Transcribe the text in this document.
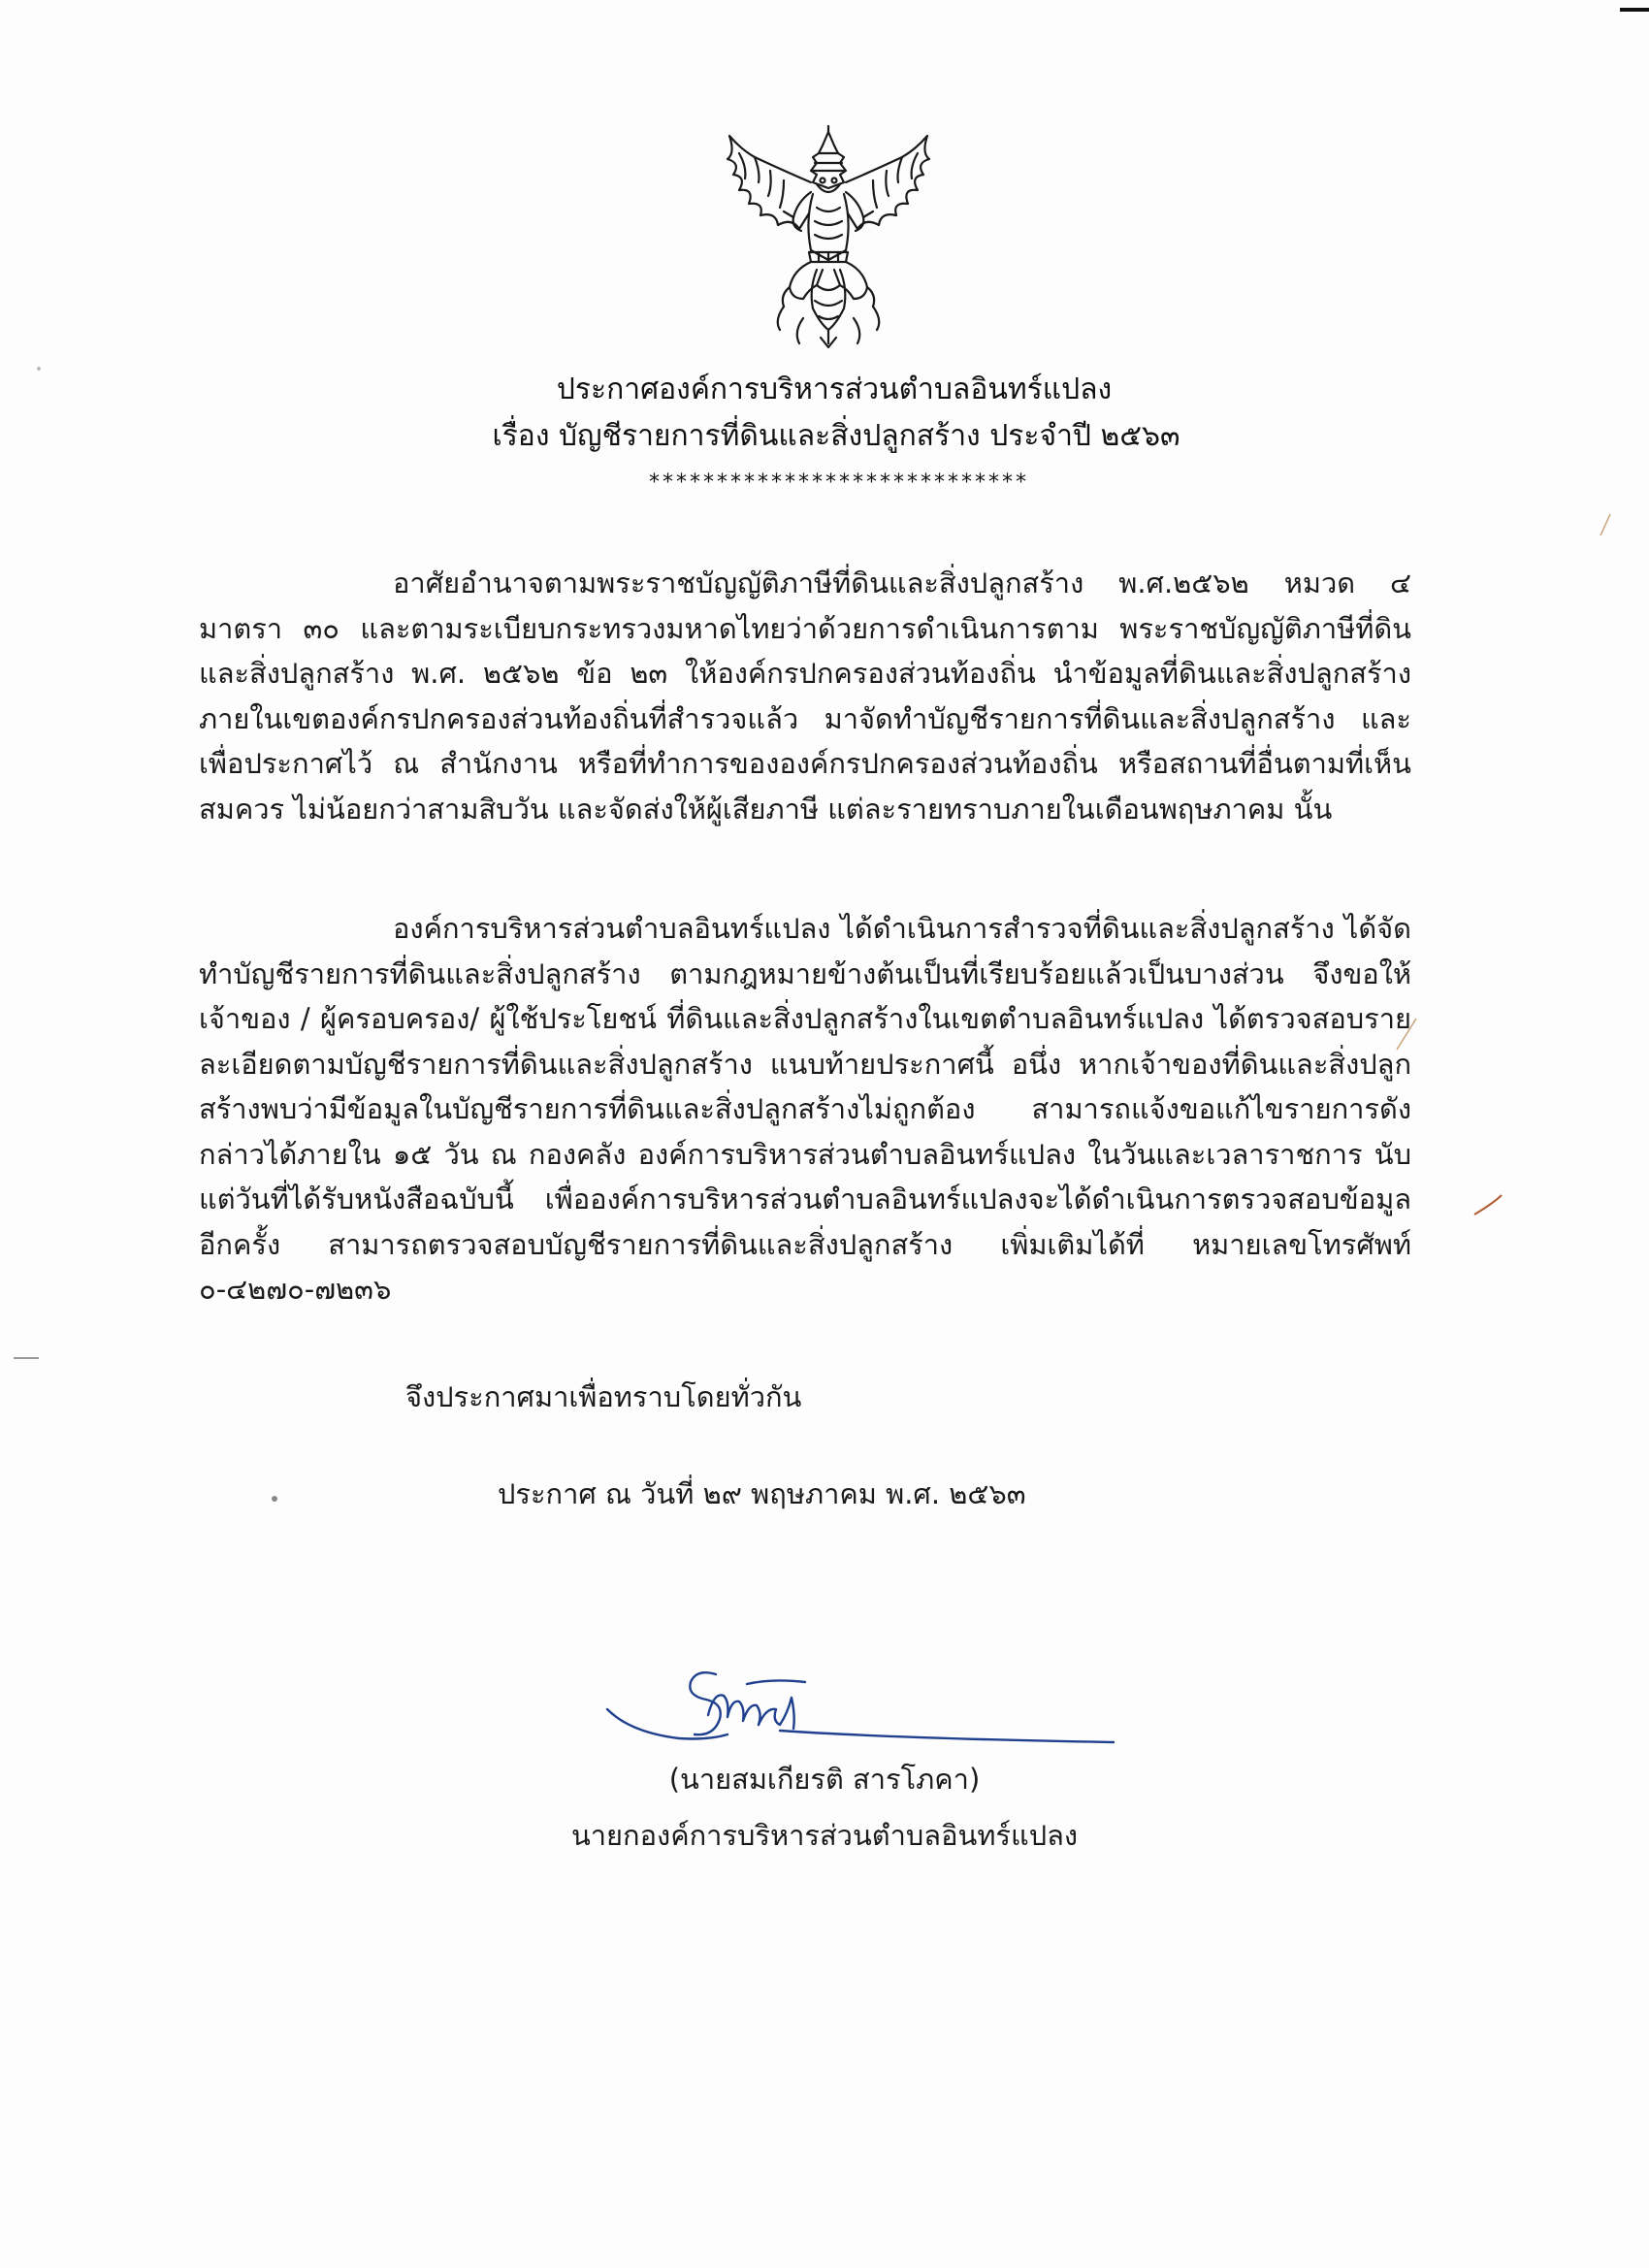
ประกาศองค์การบริหารส่วนตำบลอินทร์แปลง
เรื่อง บัญชีรายการที่ดินและสิ่งปลูกสร้าง ประจำปี ๒๕๖๓
****************************
อาศัยอำนาจตามพระราชบัญญัติภาษีที่ดินและสิ่งปลูกสร้าง พ.ศ.๒๕๖๒ หมวด ๔ มาตรา ๓๐ และตามระเบียบกระทรวงมหาดไทยว่าด้วยการดำเนินการตาม พระราชบัญญัติภาษีที่ดินและสิ่งปลูกสร้าง พ.ศ. ๒๕๖๒ ข้อ ๒๓ ให้องค์กรปกครองส่วนท้องถิ่น นำข้อมูลที่ดินและสิ่งปลูกสร้างภายในเขตองค์กรปกครองส่วนท้องถิ่นที่สำรวจแล้ว มาจัดทำบัญชีรายการที่ดินและสิ่งปลูกสร้าง และเพื่อประกาศไว้ ณ สำนักงาน หรือที่ทำการขององค์กรปกครองส่วนท้องถิ่น หรือสถานที่อื่นตามที่เห็นสมควร ไม่น้อยกว่าสามสิบวัน และจัดส่งให้ผู้เสียภาษี แต่ละรายทราบภายในเดือนพฤษภาคม นั้น
องค์การบริหารส่วนตำบลอินทร์แปลง ได้ดำเนินการสำรวจที่ดินและสิ่งปลูกสร้าง ได้จัดทำบัญชีรายการที่ดินและสิ่งปลูกสร้าง ตามกฎหมายข้างต้นเป็นที่เรียบร้อยแล้วเป็นบางส่วน จึงขอให้ เจ้าของ / ผู้ครอบครอง/ ผู้ใช้ประโยชน์ ที่ดินและสิ่งปลูกสร้างในเขตตำบลอินทร์แปลง ได้ตรวจสอบรายละเอียดตามบัญชีรายการที่ดินและสิ่งปลูกสร้าง แนบท้ายประกาศนี้ อนึ่ง หากเจ้าของที่ดินและสิ่งปลูกสร้างพบว่ามีข้อมูลในบัญชีรายการที่ดินและสิ่งปลูกสร้างไม่ถูกต้อง สามารถแจ้งขอแก้ไขรายการดังกล่าวได้ภายใน ๑๕ วัน ณ กองคลัง องค์การบริหารส่วนตำบลอินทร์แปลง ในวันและเวลาราชการ นับแต่วันที่ได้รับหนังสือฉบับนี้ เพื่อองค์การบริหารส่วนตำบลอินทร์แปลงจะได้ดำเนินการตรวจสอบข้อมูลอีกครั้ง สามารถตรวจสอบบัญชีรายการที่ดินและสิ่งปลูกสร้าง เพิ่มเติมได้ที่ หมายเลขโทรศัพท์ ๐-๔๒๗๐-๗๒๓๖
จึงประกาศมาเพื่อทราบโดยทั่วกัน
ประกาศ ณ วันที่ ๒๙ พฤษภาคม พ.ศ. ๒๕๖๓
(นายสมเกียรติ สารโภคา)
นายกองค์การบริหารส่วนตำบลอินทร์แปลง
